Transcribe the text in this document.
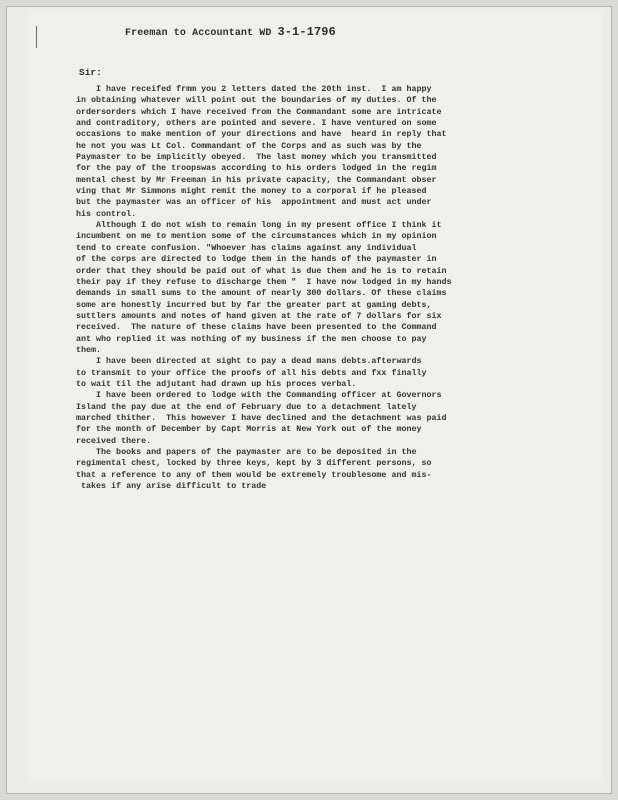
Freeman to Accountant WD 3-1-1796
Sir:
I have receifed frmm you 2 letters dated the 20th inst.  I am happy
in obtaining whatever will point out the boundaries of my duties. Of the
ordersorders which I have received from the Commandant some are intricate
and contraditory, others are pointed and severe. I have ventured on some
occasions to make mention of your directions and have  heard in reply that
he not you was Lt Col. Commandant of the Corps and as such was by the
Paymaster to be implicitly obeyed.  The last money which you transmitted
for the pay of the troopswas according to his orders lodged in the regim
mental chest by Mr Freeman in his private capacity, the Commandant obser
ving that Mr Simmons might remit the money to a corporal if he pleased
but the paymaster was an officer of his  appointment and must act under
his control.
Although I do not wish to remain long in my present office I think it
incumbent on me to mention some of the circumstances which in my opinion
tend to create confusion. "Whoever has claims against any individual
of the corps are directed to lodge them in the hands of the paymaster in
order that they should be paid out of what is due them and he is to retain
their pay if they refuse to discharge them "  I have now lodged in my hands
demands in small sums to the amount of nearly 300 dollars. Of these claims
some are honestly incurred but by far the greater part at gaming debts,
suttlers amounts and notes of hand given at the rate of 7 dollars for six
received.  The nature of these claims have been presented to the Command
ant who replied it was nothing of my business if the men choose to pay
them.
I have been directed at sight to pay a dead mans debts.afterwards
to transmit to your office the proofs of all his debts and fxx finally
to wait til the adjutant had drawn up his proces verbal.
I have been ordered to lodge with the Commanding officer at Governors
Island the pay due at the end of February due to a detachment lately
marched thither.  This however I have declined and the detachment was paid
for the month of December by Capt Morris at New York out of the money
received there.
The books and papers of the paymaster are to be deposited in the
regimental chest, locked by three keys, kept by 3 different persons, so
that a reference to any of them would be extremely troublesome and mis-
takes if any arise difficult to trade
